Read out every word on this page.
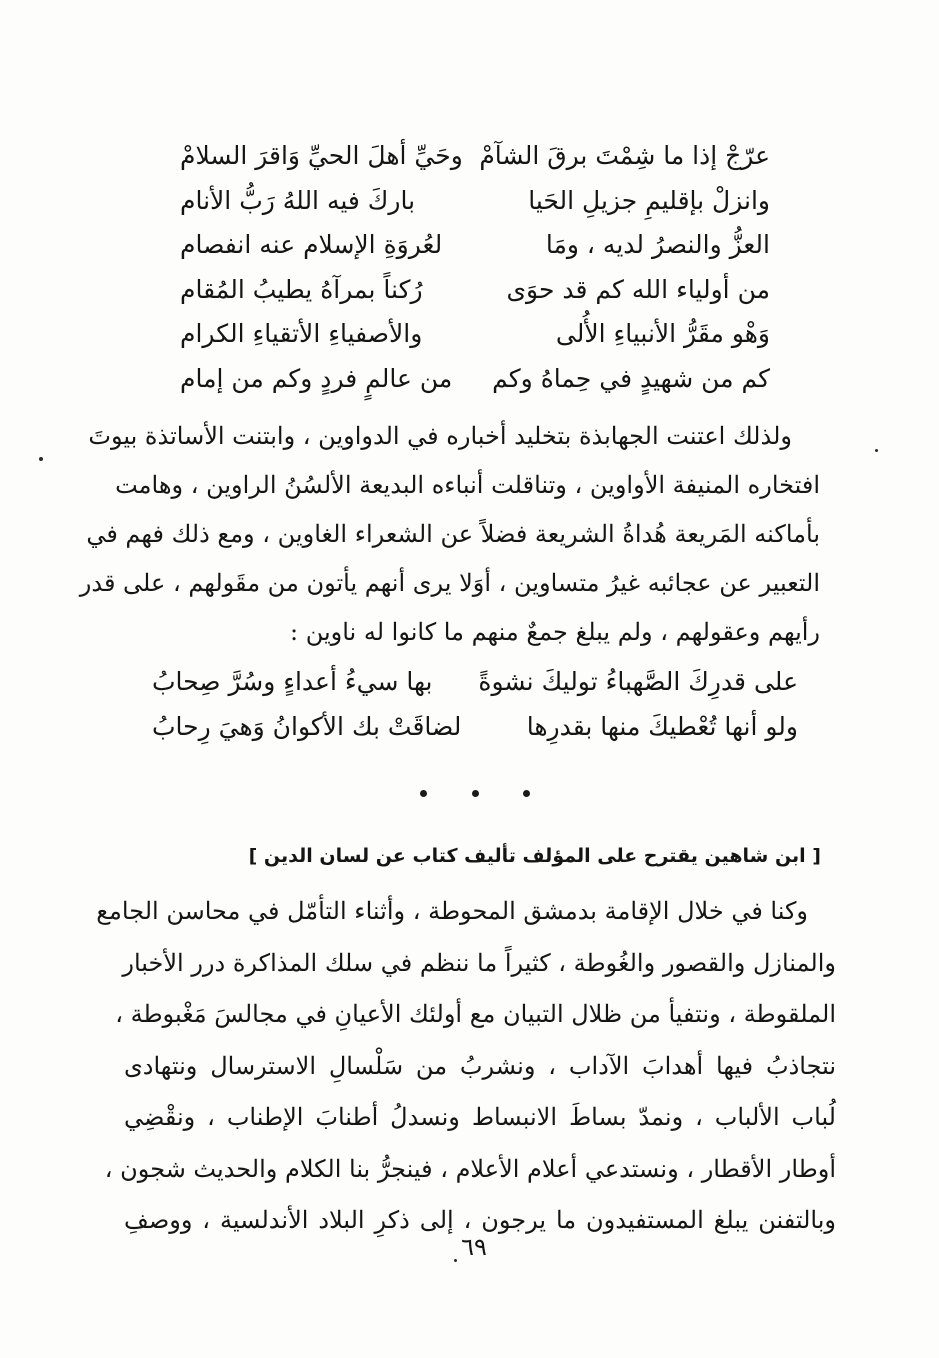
عرّجْ إذا ما شِمْتَ برقَ الشآمْ
وحَيِّ أهلَ الحيِّ وَاقرَ السلامْ
وانزلْ بإقليمِ جزيلِ الحَيا
باركَ فيه اللهُ رَبُّ الأنام
العزُّ والنصرُ لديه ، ومَا
لعُروَةِ الإسلام عنه انفصام
من أولياء الله كم قد حوَى
رُكناً بمرآهُ يطيبُ المُقام
وَهْو مقَرُّ الأنبياءِ الأُلى
والأصفياءِ الأتقياءِ الكرام
كم من شهيدٍ في حِماهُ وكم
من عالمٍ فردٍ وكم من إمام
ولذلك اعتنت الجهابذة بتخليد أخباره في الدواوين ، وابتنت الأساتذة بيوتَ
افتخاره المنيفة الأواوين ، وتناقلت أنباءه البديعة الألسُنُ الراوين ، وهامت
بأماكنه المَريعة هُداةُ الشريعة فضلاً عن الشعراء الغاوين ، ومع ذلك فهم في
التعبير عن عجائبه غيرُ متساوين ، أوَلا يرى أنهم يأتون من مقَولهم ، على قدر
رأيهم وعقولهم ، ولم يبلغ جمعٌ منهم ما كانوا له ناوين :
على قدرِكَ الصَّهباءُ توليكَ نشوةً
بها سيءُ أعداءٍ وسُرَّ صِحابُ
ولو أنها تُعْطيكَ منها بقدرِها
لضاقَتْ بك الأكوانُ وَهيَ رِحابُ
[ ابن شاهين يقترح على المؤلف تأليف كتاب عن لسان الدين ]
وكنا في خلال الإقامة بدمشق المحوطة ، وأثناء التأمّل في محاسن الجامع
والمنازل والقصور والغُوطة ، كثيراً ما ننظم في سلك المذاكرة درر الأخبار
الملقوطة ، ونتفيأ من ظلال التبيان مع أولئك الأعيانِ في مجالسَ مَغْبوطة ،
نتجاذبُ فيها أهدابَ الآداب ، ونشربُ من سَلْسالِ الاسترسال ونتهادى
لُباب الألباب ، ونمدّ بساطَ الانبساط ونسدلُ أطنابَ الإطناب ، ونقْضِي
أوطار الأقطار ، ونستدعي أعلام الأعلام ، فينجرُّ بنا الكلام والحديث شجون ،
وبالتفنن يبلغ المستفيدون ما يرجون ، إلى ذكرِ البلاد الأندلسية ، ووصفِ
٦٩
